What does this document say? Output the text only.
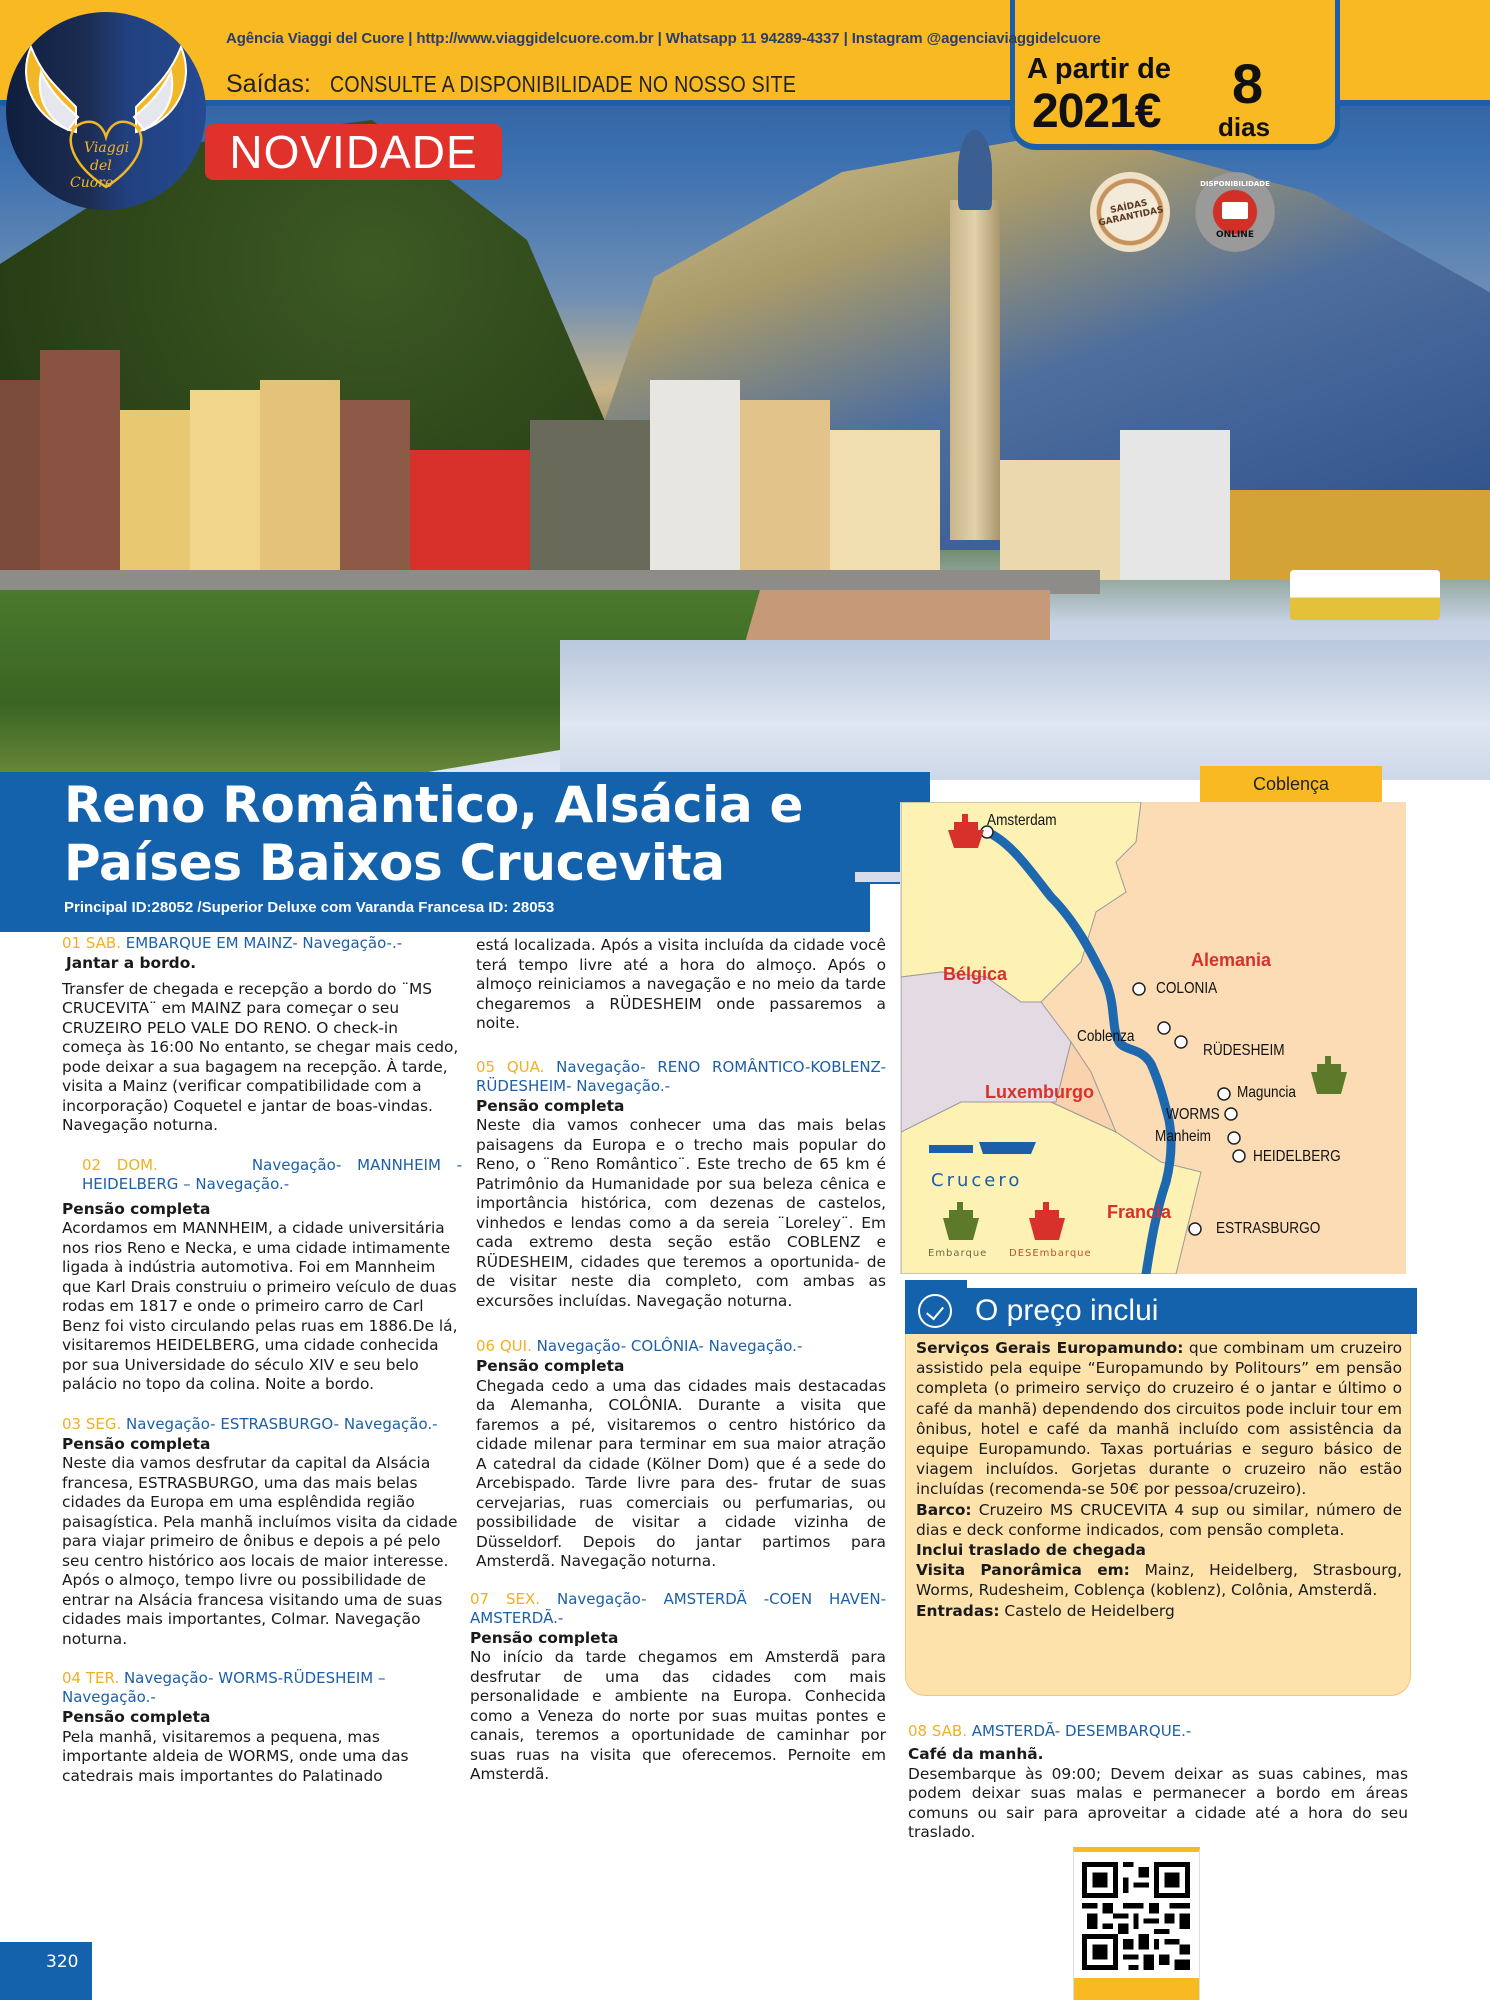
Agência Viaggi del Cuore | http://www.viaggidelcuore.com.br | Whatsapp 11 94289-4337 | Instagram @agenciaviaggidelcuore
Saídas: CONSULTE A DISPONIBILIDADE NO NOSSO SITE	A partir de
2021€ 8
dias
Viaggi
del
Cuore
NOVIDADE
SAÍDAS GARANTIDAS
DISPONIBILIDADE
ONLINE
Reno Romântico, Alsácia e
Países Baixos Crucevita
Principal ID:28052 /Superior Deluxe com Varanda Francesa ID: 28053
Coblença
Amsterdam
COLONIA
Coblenza
RÜDESHEIM
Maguncia
WORMS
Manheim
HEIDELBERG
ESTRASBURGO
Alemania
Bélgica
Luxemburgo
Francia
Crucero
Embarque DESEmbarque
01 SAB. EMBARQUE EM MAINZ- Navegação-.-
Jantar a bordo.
Transfer de chegada e recepção a bordo do ¨MS CRUCEVITA¨ em MAINZ para começar o seu CRUZEIRO PELO VALE DO RENO. O check-in começa às 16:00 No entanto, se chegar mais cedo, pode deixar a sua bagagem na recepção. À tarde, visita a Mainz (verificar compatibilidade com a incorporação) Coquetel e jantar de boas-vindas. Navegação noturna.
02 DOM.	Navegação- MANNHEIM - HEIDELBERG – Navegação.-
Pensão completa
Acordamos em MANNHEIM, a cidade universitária nos rios Reno e Necka, e uma cidade intimamente ligada à indústria automotiva. Foi em Mannheim que Karl Drais construiu o primeiro veículo de duas rodas em 1817 e onde o primeiro carro de Carl Benz foi visto circulando pelas ruas em 1886.De lá, visitaremos HEIDELBERG, uma cidade conhecida por sua Universidade do século XIV e seu belo palácio no topo da colina. Noite a bordo.
03 SEG. Navegação- ESTRASBURGO- Navegação.-
Pensão completa
Neste dia vamos desfrutar da capital da Alsácia francesa, ESTRASBURGO, uma das mais belas cidades da Europa em uma esplêndida região paisagística. Pela manhã incluímos visita da cidade para viajar primeiro de ônibus e depois a pé pelo seu centro histórico aos locais de maior interesse. Após o almoço, tempo livre ou possibilidade de entrar na Alsácia francesa visitando uma de suas cidades mais importantes, Colmar. Navegação noturna.
04 TER. Navegação- WORMS-RÜDESHEIM – Navegação.-
Pensão completa
Pela manhã, visitaremos a pequena, mas importante aldeia de WORMS, onde uma das catedrais mais importantes do Palatinado
está localizada. Após a visita incluída da cidade você terá tempo livre até a hora do almoço. Após o almoço reiniciamos a navegação e no meio da tarde chegaremos a RÜDESHEIM onde passaremos a noite.
05 QUA. Navegação- RENO ROMÂNTICO-KOBLENZ-RÜDESHEIM- Navegação.-
Pensão completa
Neste dia vamos conhecer uma das mais belas paisagens da Europa e o trecho mais popular do Reno, o ¨Reno Romântico¨. Este trecho de 65 km é Patrimônio da Humanidade por sua beleza cênica e importância histórica, com dezenas de castelos, vinhedos e lendas como a da sereia ¨Loreley¨. Em cada extremo desta seção estão COBLENZ e RÜDESHEIM, cidades que teremos a oportunida- de de visitar neste dia completo, com ambas as excursões incluídas. Navegação noturna.
06 QUI. Navegação- COLÔNIA- Navegação.-
Pensão completa
Chegada cedo a uma das cidades mais destacadas da Alemanha, COLÔNIA. Durante a visita que faremos a pé, visitaremos o centro histórico da cidade milenar para terminar em sua maior atração A catedral da cidade (Kölner Dom) que é a sede do Arcebispado. Tarde livre para des- frutar de suas cervejarias, ruas comerciais ou perfumarias, ou possibilidade de visitar a cidade vizinha de Düsseldorf. Depois do jantar partimos para Amsterdã. Navegação noturna.
07 SEX. Navegação- AMSTERDÃ -COEN HAVEN- AMSTERDÃ.-
Pensão completa
No início da tarde chegamos em Amsterdã para desfrutar de uma das cidades com mais personalidade e ambiente na Europa. Conhecida como a Veneza do norte por suas muitas pontes e canais, teremos a oportunidade de caminhar por suas ruas na visita que oferecemos. Pernoite em Amsterdã.
O preço inclui
Serviços Gerais Europamundo: que combinam um cruzeiro assistido pela equipe “Europamundo by Politours” em pensão completa (o primeiro serviço do cruzeiro é o jantar e último o café da manhã) dependendo dos circuitos pode incluir tour em ônibus, hotel e café da manhã incluído com assistência da equipe Europamundo. Taxas portuárias e seguro básico de viagem incluídos. Gorjetas durante o cruzeiro não estão incluídas (recomenda-se 50€ por pessoa/cruzeiro).
Barco: Cruzeiro MS CRUCEVITA 4 sup ou similar, número de dias e deck conforme indicados, com pensão completa.
Inclui traslado de chegada
Visita Panorâmica em: Mainz, Heidelberg, Strasbourg, Worms, Rudesheim, Coblença (koblenz), Colônia, Amsterdã.
Entradas: Castelo de Heidelberg
08 SAB. AMSTERDÃ- DESEMBARQUE.-
Café da manhã.
Desembarque às 09:00; Devem deixar as suas cabines, mas podem deixar suas malas e permanecer a bordo em áreas comuns ou sair para aproveitar a cidade até a hora do seu traslado.
320
